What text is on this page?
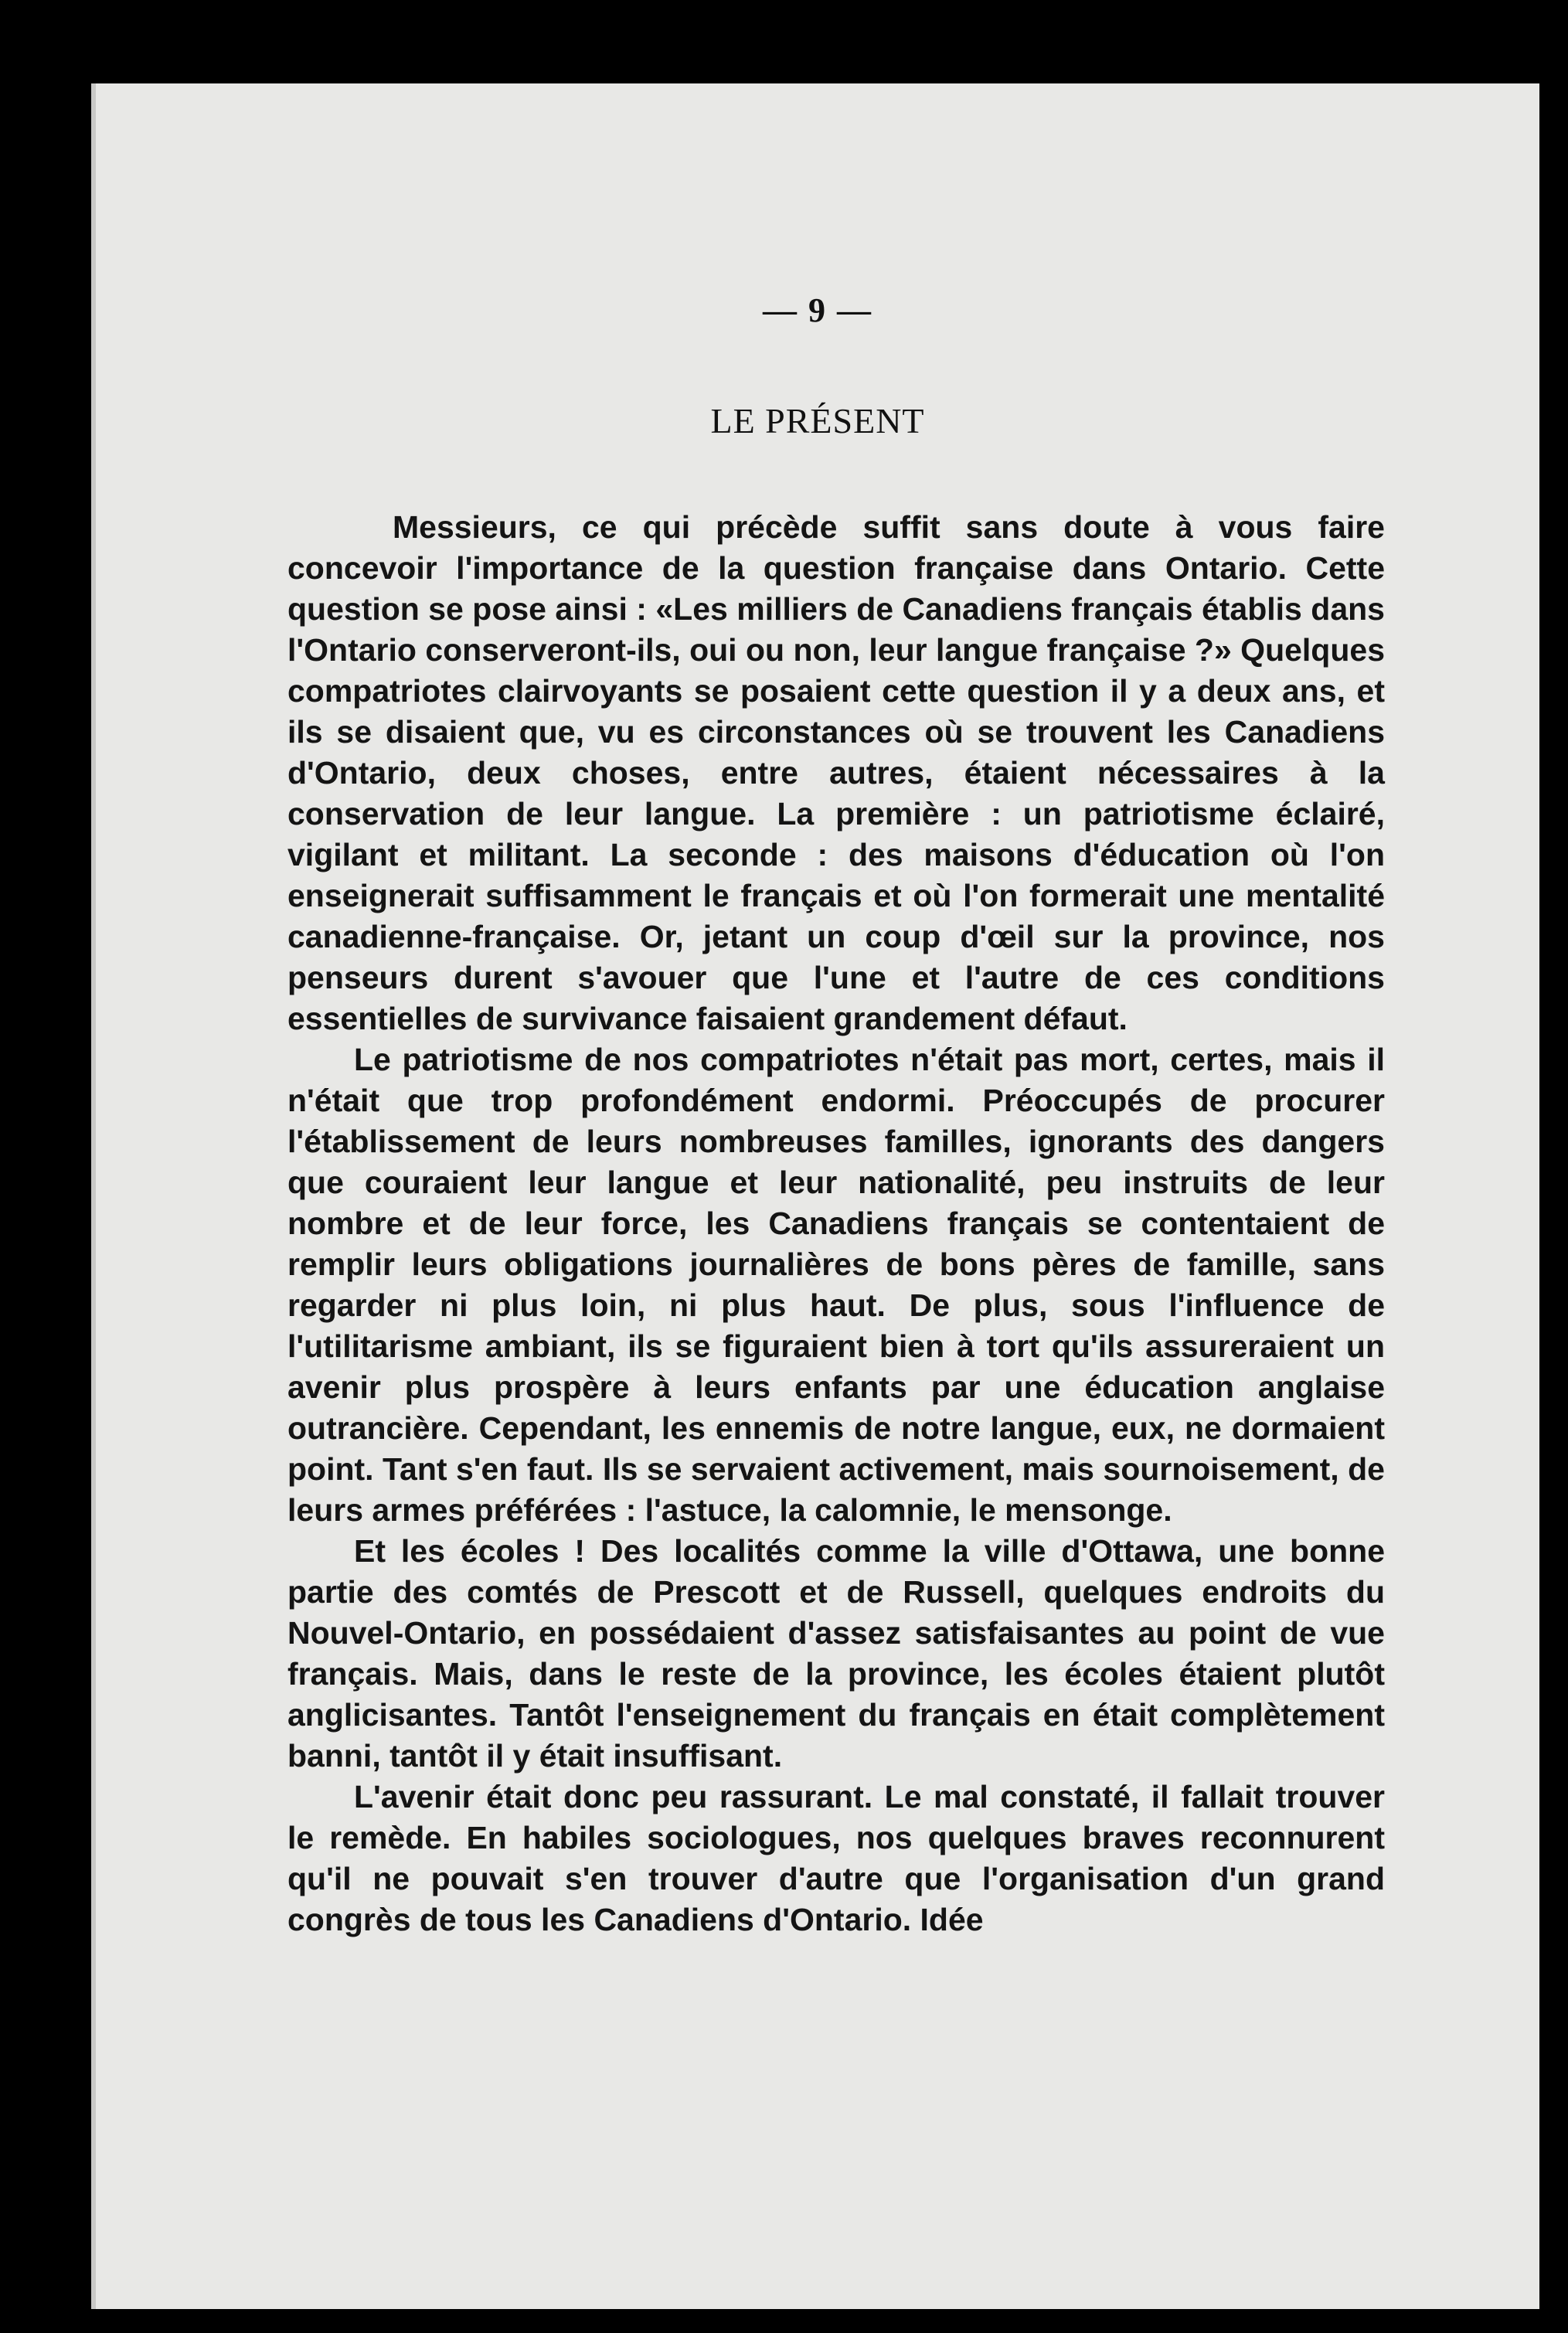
— 9 —
LE PRÉSENT

Messieurs, ce qui précède suffit sans doute à vous faire concevoir l'importance de la question française dans Ontario. Cette question se pose ainsi : «Les milliers de Canadiens français établis dans l'Ontario conserveront-ils, oui ou non, leur langue française ?» Quelques compatriotes clairvoyants se posaient cette question il y a deux ans, et ils se disaient que, vu es circonstances où se trouvent les Canadiens d'Ontario, deux choses, entre autres, étaient nécessaires à la conservation de leur langue. La première : un patriotisme éclairé, vigilant et militant. La seconde : des maisons d'éducation où l'on enseignerait suffisamment le français et où l'on formerait une mentalité canadienne-française. Or, jetant un coup d'œil sur la province, nos penseurs durent s'avouer que l'une et l'autre de ces conditions essentielles de survivance faisaient grandement défaut.

Le patriotisme de nos compatriotes n'était pas mort, certes, mais il n'était que trop profondément endormi. Préoccupés de procurer l'établissement de leurs nombreuses familles, ignorants des dangers que couraient leur langue et leur nationalité, peu instruits de leur nombre et de leur force, les Canadiens français se contentaient de remplir leurs obligations journalières de bons pères de famille, sans regarder ni plus loin, ni plus haut. De plus, sous l'influence de l'utilitarisme ambiant, ils se figuraient bien à tort qu'ils assureraient un avenir plus prospère à leurs enfants par une éducation anglaise outrancière. Cependant, les ennemis de notre langue, eux, ne dormaient point. Tant s'en faut. Ils se servaient activement, mais sournoisement, de leurs armes préférées : l'astuce, la calomnie, le mensonge.

Et les écoles ! Des localités comme la ville d'Ottawa, une bonne partie des comtés de Prescott et de Russell, quelques endroits du Nouvel-Ontario, en possédaient d'assez satisfaisantes au point de vue français. Mais, dans le reste de la province, les écoles étaient plutôt anglicisantes. Tantôt l'enseignement du français en était complètement banni, tantôt il y était insuffisant.

L'avenir était donc peu rassurant. Le mal constaté, il fallait trouver le remède. En habiles sociologues, nos quelques braves reconnurent qu'il ne pouvait s'en trouver d'autre que l'organisation d'un grand congrès de tous les Canadiens d'Ontario. Idée
